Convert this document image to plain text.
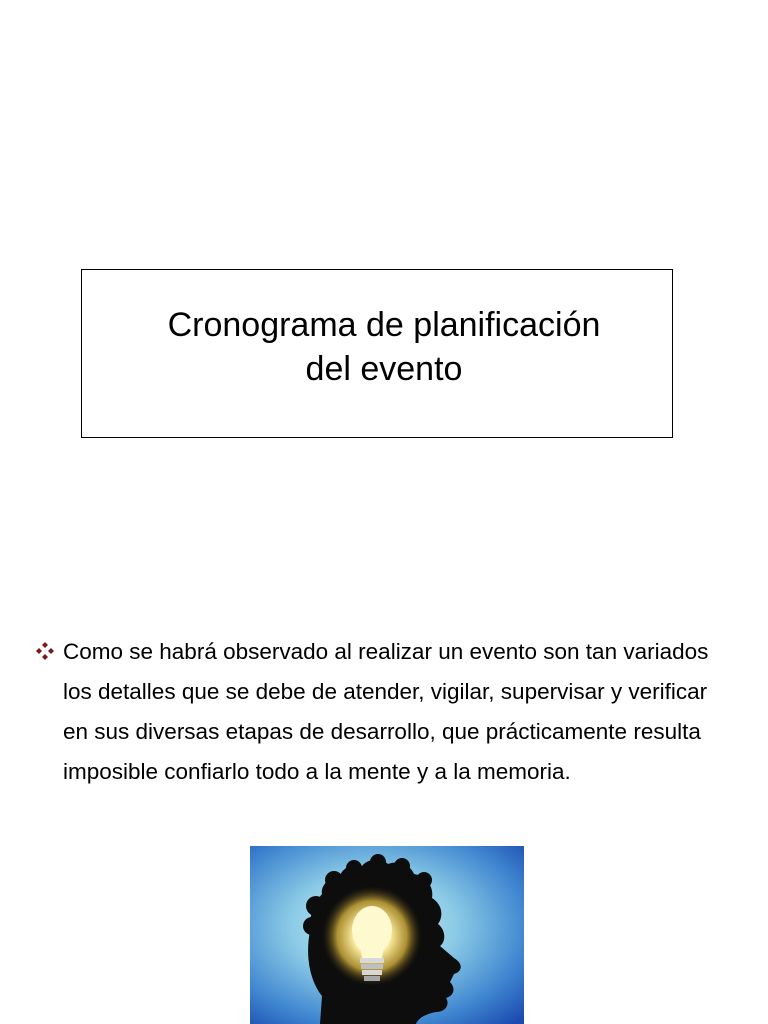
Cronograma de planificación
del evento

Como se habrá observado al realizar un evento son tan variados los detalles que se debe de atender, vigilar, supervisar y verificar en sus diversas etapas de desarrollo, que prácticamente resulta imposible confiarlo todo a la mente y a la memoria.
